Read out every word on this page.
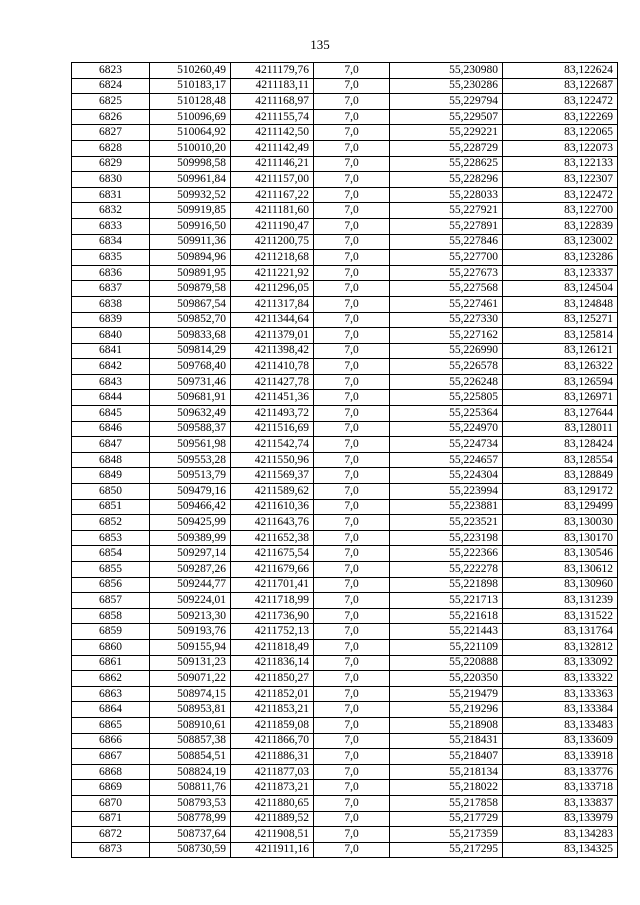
135
6823	510260,49	4211179,76	7,0	55,230980	83,122624
6824	510183,17	4211183,11	7,0	55,230286	83,122687
6825	510128,48	4211168,97	7,0	55,229794	83,122472
6826	510096,69	4211155,74	7,0	55,229507	83,122269
6827	510064,92	4211142,50	7,0	55,229221	83,122065
6828	510010,20	4211142,49	7,0	55,228729	83,122073
6829	509998,58	4211146,21	7,0	55,228625	83,122133
6830	509961,84	4211157,00	7,0	55,228296	83,122307
6831	509932,52	4211167,22	7,0	55,228033	83,122472
6832	509919,85	4211181,60	7,0	55,227921	83,122700
6833	509916,50	4211190,47	7,0	55,227891	83,122839
6834	509911,36	4211200,75	7,0	55,227846	83,123002
6835	509894,96	4211218,68	7,0	55,227700	83,123286
6836	509891,95	4211221,92	7,0	55,227673	83,123337
6837	509879,58	4211296,05	7,0	55,227568	83,124504
6838	509867,54	4211317,84	7,0	55,227461	83,124848
6839	509852,70	4211344,64	7,0	55,227330	83,125271
6840	509833,68	4211379,01	7,0	55,227162	83,125814
6841	509814,29	4211398,42	7,0	55,226990	83,126121
6842	509768,40	4211410,78	7,0	55,226578	83,126322
6843	509731,46	4211427,78	7,0	55,226248	83,126594
6844	509681,91	4211451,36	7,0	55,225805	83,126971
6845	509632,49	4211493,72	7,0	55,225364	83,127644
6846	509588,37	4211516,69	7,0	55,224970	83,128011
6847	509561,98	4211542,74	7,0	55,224734	83,128424
6848	509553,28	4211550,96	7,0	55,224657	83,128554
6849	509513,79	4211569,37	7,0	55,224304	83,128849
6850	509479,16	4211589,62	7,0	55,223994	83,129172
6851	509466,42	4211610,36	7,0	55,223881	83,129499
6852	509425,99	4211643,76	7,0	55,223521	83,130030
6853	509389,99	4211652,38	7,0	55,223198	83,130170
6854	509297,14	4211675,54	7,0	55,222366	83,130546
6855	509287,26	4211679,66	7,0	55,222278	83,130612
6856	509244,77	4211701,41	7,0	55,221898	83,130960
6857	509224,01	4211718,99	7,0	55,221713	83,131239
6858	509213,30	4211736,90	7,0	55,221618	83,131522
6859	509193,76	4211752,13	7,0	55,221443	83,131764
6860	509155,94	4211818,49	7,0	55,221109	83,132812
6861	509131,23	4211836,14	7,0	55,220888	83,133092
6862	509071,22	4211850,27	7,0	55,220350	83,133322
6863	508974,15	4211852,01	7,0	55,219479	83,133363
6864	508953,81	4211853,21	7,0	55,219296	83,133384
6865	508910,61	4211859,08	7,0	55,218908	83,133483
6866	508857,38	4211866,70	7,0	55,218431	83,133609
6867	508854,51	4211886,31	7,0	55,218407	83,133918
6868	508824,19	4211877,03	7,0	55,218134	83,133776
6869	508811,76	4211873,21	7,0	55,218022	83,133718
6870	508793,53	4211880,65	7,0	55,217858	83,133837
6871	508778,99	4211889,52	7,0	55,217729	83,133979
6872	508737,64	4211908,51	7,0	55,217359	83,134283
6873	508730,59	4211911,16	7,0	55,217295	83,134325
